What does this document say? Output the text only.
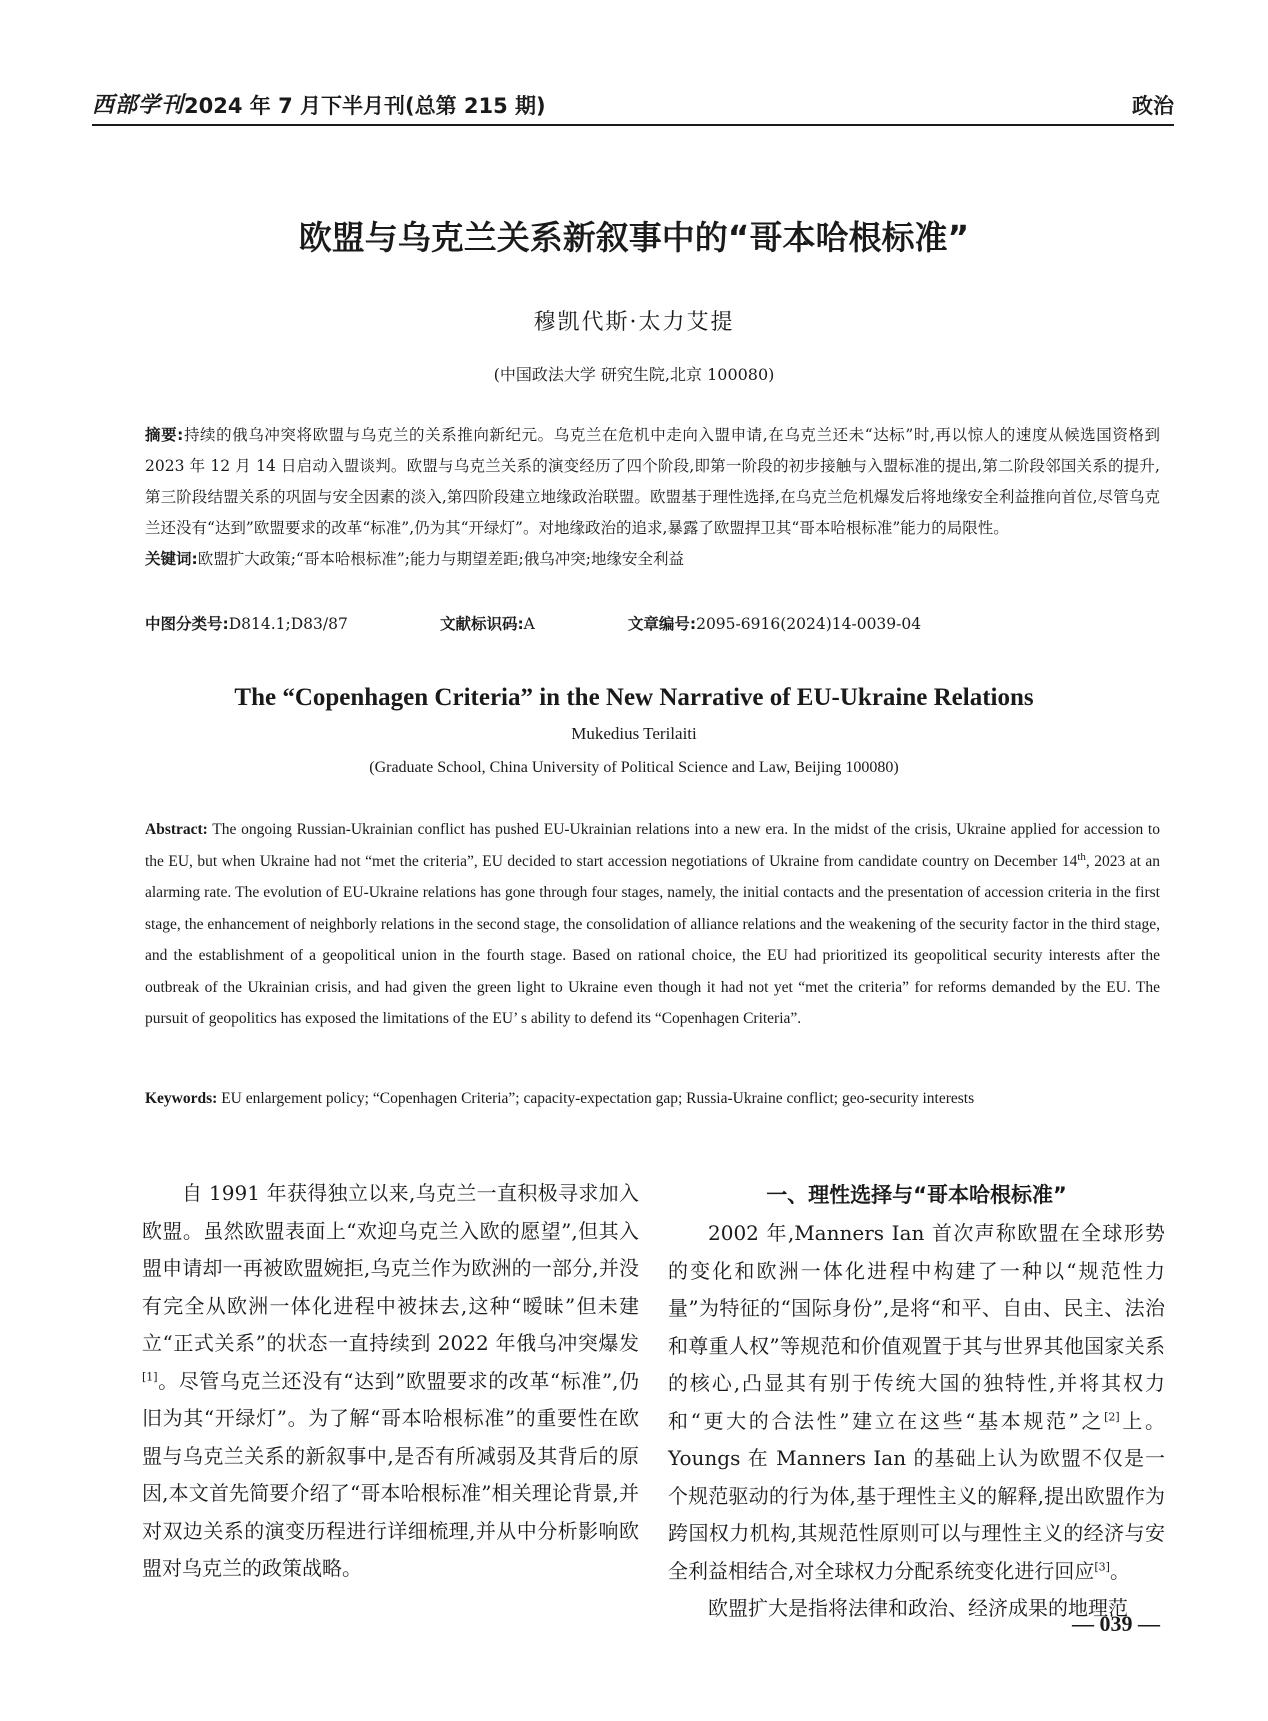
西部学刊 2024 年 7 月下半月刊(总第 215 期)	政治
欧盟与乌克兰关系新叙事中的“哥本哈根标准”
穆凯代斯·太力艾提
(中国政法大学 研究生院,北京 100080)

摘要:持续的俄乌冲突将欧盟与乌克兰的关系推向新纪元。乌克兰在危机中走向入盟申请,在乌克兰还未“达标”时,再以惊人的速度从候选国资格到 2023 年 12 月 14 日启动入盟谈判。欧盟与乌克兰关系的演变经历了四个阶段,即第一阶段的初步接触与入盟标准的提出,第二阶段邻国关系的提升,第三阶段结盟关系的巩固与安全因素的淡入,第四阶段建立地缘政治联盟。欧盟基于理性选择,在乌克兰危机爆发后将地缘安全利益推向首位,尽管乌克兰还没有“达到”欧盟要求的改革“标准”,仍为其“开绿灯”。对地缘政治的追求,暴露了欧盟捍卫其“哥本哈根标准”能力的局限性。

关键词:欧盟扩大政策;“哥本哈根标准”;能力与期望差距;俄乌冲突;地缘安全利益

中图分类号:D814.1;D83/87	文献标识码:A	文章编号:2095-6916(2024)14-0039-04
The “Copenhagen Criteria” in the New Narrative of EU-Ukraine Relations
Mukedius Terilaiti
(Graduate School, China University of Political Science and Law, Beijing 100080)
Abstract: The ongoing Russian-Ukrainian conflict has pushed EU-Ukrainian relations into a new era. In the midst of the crisis, Ukraine applied for accession to the EU, but when Ukraine had not “met the criteria”, EU decided to start accession negotiations of Ukraine from candidate country on December 14th, 2023 at an alarming rate. The evolution of EU-Ukraine relations has gone through four stages, namely, the initial contacts and the presentation of accession criteria in the first stage, the enhancement of neighborly relations in the second stage, the consolidation of alliance relations and the weakening of the security factor in the third stage, and the establishment of a geopolitical union in the fourth stage. Based on rational choice, the EU had prioritized its geopolitical security interests after the outbreak of the Ukrainian crisis, and had given the green light to Ukraine even though it had not yet “met the criteria” for reforms demanded by the EU. The pursuit of geopolitics has exposed the limitations of the EU’ s ability to defend its “Copenhagen Criteria”.
Keywords: EU enlargement policy; “Copenhagen Criteria”; capacity-expectation gap; Russia-Ukraine conflict; geo-security interests

自 1991 年获得独立以来,乌克兰一直积极寻求加入欧盟。虽然欧盟表面上“欢迎乌克兰入欧的愿望”,但其入盟申请却一再被欧盟婉拒,乌克兰作为欧洲的一部分,并没有完全从欧洲一体化进程中被抹去,这种“暧昧”但未建立“正式关系”的状态一直持续到 2022 年俄乌冲突爆发[1]。尽管乌克兰还没有“达到”欧盟要求的改革“标准”,仍旧为其“开绿灯”。为了解“哥本哈根标准”的重要性在欧盟与乌克兰关系的新叙事中,是否有所减弱及其背后的原因,本文首先简要介绍了“哥本哈根标准”相关理论背景,并对双边关系的演变历程进行详细梳理,并从中分析影响欧盟对乌克兰的政策战略。

一、理性选择与“哥本哈根标准”

2002 年,Manners Ian 首次声称欧盟在全球形势的变化和欧洲一体化进程中构建了一种以“规范性力量”为特征的“国际身份”,是将“和平、自由、民主、法治和尊重人权”等规范和价值观置于其与世界其他国家关系的核心,凸显其有别于传统大国的独特性,并将其权力和“更大的合法性”建立在这些“基本规范”之[2]上。Youngs 在 Manners Ian 的基础上认为欧盟不仅是一个规范驱动的行为体,基于理性主义的解释,提出欧盟作为跨国权力机构,其规范性原则可以与理性主义的经济与安全利益相结合,对全球权力分配系统变化进行回应[3]。

欧盟扩大是指将法律和政治、经济成果的地理范

— 039 —
